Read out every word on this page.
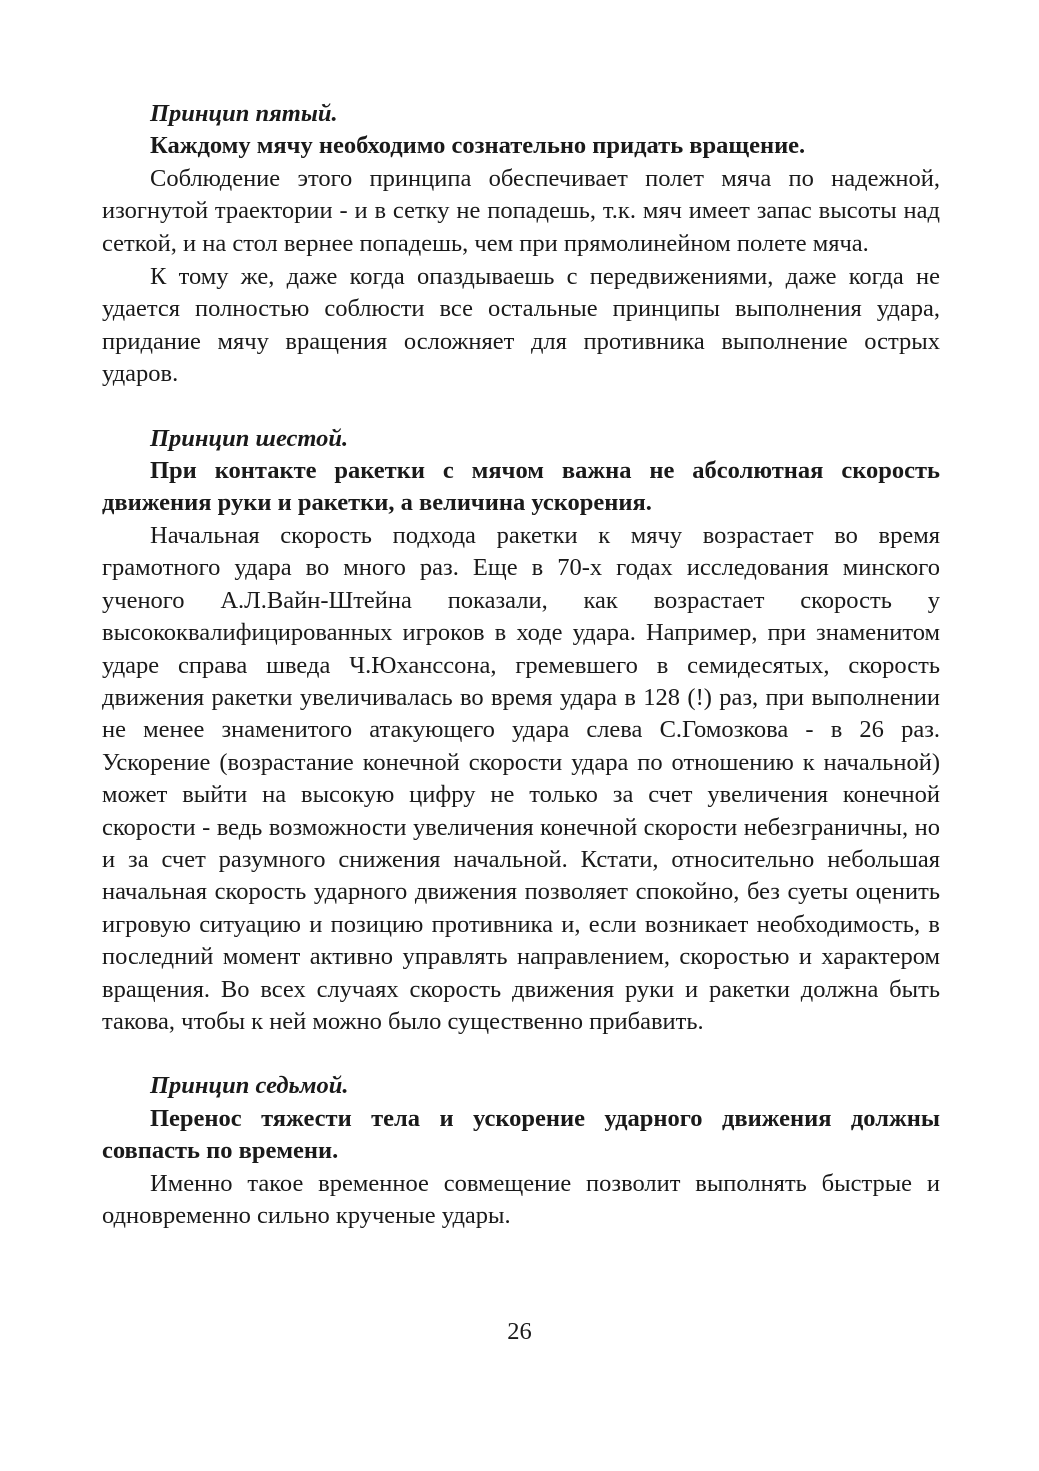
Принцип пятый.

Каждому мячу необходимо сознательно придать вращение.

Соблюдение этого принципа обеспечивает полет мяча по надежной, изогнутой траектории - и в сетку не попадешь, т.к. мяч имеет запас высоты над сеткой, и на стол вернее попадешь, чем при прямолинейном полете мяча.

К тому же, даже когда опаздываешь с передвижениями, даже когда не удается полностью соблюсти все остальные принципы выполнения удара, придание мячу вращения осложняет для противника выполнение острых ударов.

Принцип шестой.

При контакте ракетки с мячом важна не абсолютная скорость движения руки и ракетки, а величина ускорения.

Начальная скорость подхода ракетки к мячу возрастает во время грамотного удара во много раз. Еще в 70-х годах исследования минского ученого А.Л.Вайн-Штейна показали, как возрастает скорость у высококвалифицированных игроков в ходе удара. Например, при знаменитом ударе справа шведа Ч.Юханссона, гремевшего в семидесятых, скорость движения ракетки увеличивалась во время удара в 128 (!) раз, при выполнении не менее знаменитого атакующего удара слева С.Гомозкова - в 26 раз. Ускорение (возрастание конечной скорости удара по отношению к начальной) может выйти на высокую цифру не только за счет увеличения конечной скорости - ведь возможности увеличения конечной скорости небезграничны, но и за счет разумного снижения начальной. Кстати, относительно небольшая начальная скорость ударного движения позволяет спокойно, без суеты оценить игровую ситуацию и позицию противника и, если возникает необходимость, в последний момент активно управлять направлением, скоростью и характером вращения. Во всех случаях скорость движения руки и ракетки должна быть такова, чтобы к ней можно было существенно прибавить.

Принцип седьмой.

Перенос тяжести тела и ускорение ударного движения должны совпасть по времени.

Именно такое временное совмещение позволит выполнять быстрые и одновременно сильно крученые удары.

26
